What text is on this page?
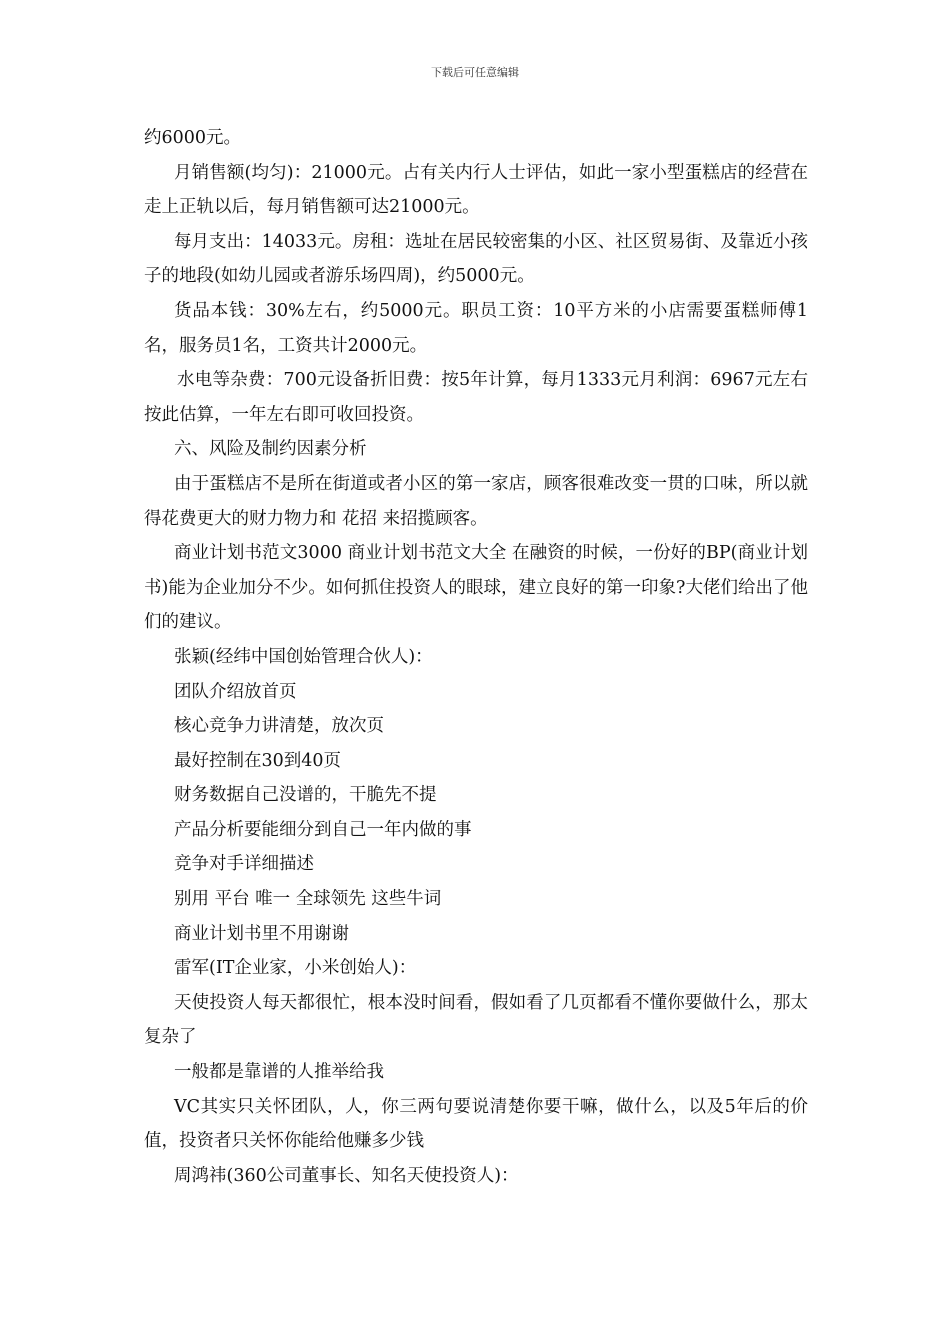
下载后可任意编辑

约6000元。

月销售额(均匀)：21000元。占有关内行人士评估，如此一家小型蛋糕店的经营在走上正轨以后，每月销售额可达21000元。

每月支出：14033元。房租：选址在居民较密集的小区、社区贸易街、及靠近小孩子的地段(如幼儿园或者游乐场四周)，约5000元。

货品本钱：30%左右，约5000元。职员工资：10平方米的小店需要蛋糕师傅1名，服务员1名，工资共计2000元。

水电等杂费：700元设备折旧费：按5年计算，每月1333元月利润：6967元左右按此估算，一年左右即可收回投资。

六、风险及制约因素分析

由于蛋糕店不是所在街道或者小区的第一家店，顾客很难改变一贯的口味，所以就得花费更大的财力物力和 花招 来招揽顾客。

商业计划书范文3000 商业计划书范文大全 在融资的时候，一份好的BP(商业计划书)能为企业加分不少。如何抓住投资人的眼球，建立良好的第一印象?大佬们给出了他们的建议。

张颖(经纬中国创始管理合伙人)：

团队介绍放首页

核心竞争力讲清楚，放次页

最好控制在30到40页

财务数据自己没谱的，干脆先不提

产品分析要能细分到自己一年内做的事

竞争对手详细描述

别用 平台 唯一 全球领先 这些牛词

商业计划书里不用谢谢

雷军(IT企业家，小米创始人)：

天使投资人每天都很忙，根本没时间看，假如看了几页都看不懂你要做什么，那太复杂了

一般都是靠谱的人推举给我

VC其实只关怀团队，人，你三两句要说清楚你要干嘛，做什么，以及5年后的价值，投资者只关怀你能给他赚多少钱

周鸿祎(360公司董事长、知名天使投资人)：
